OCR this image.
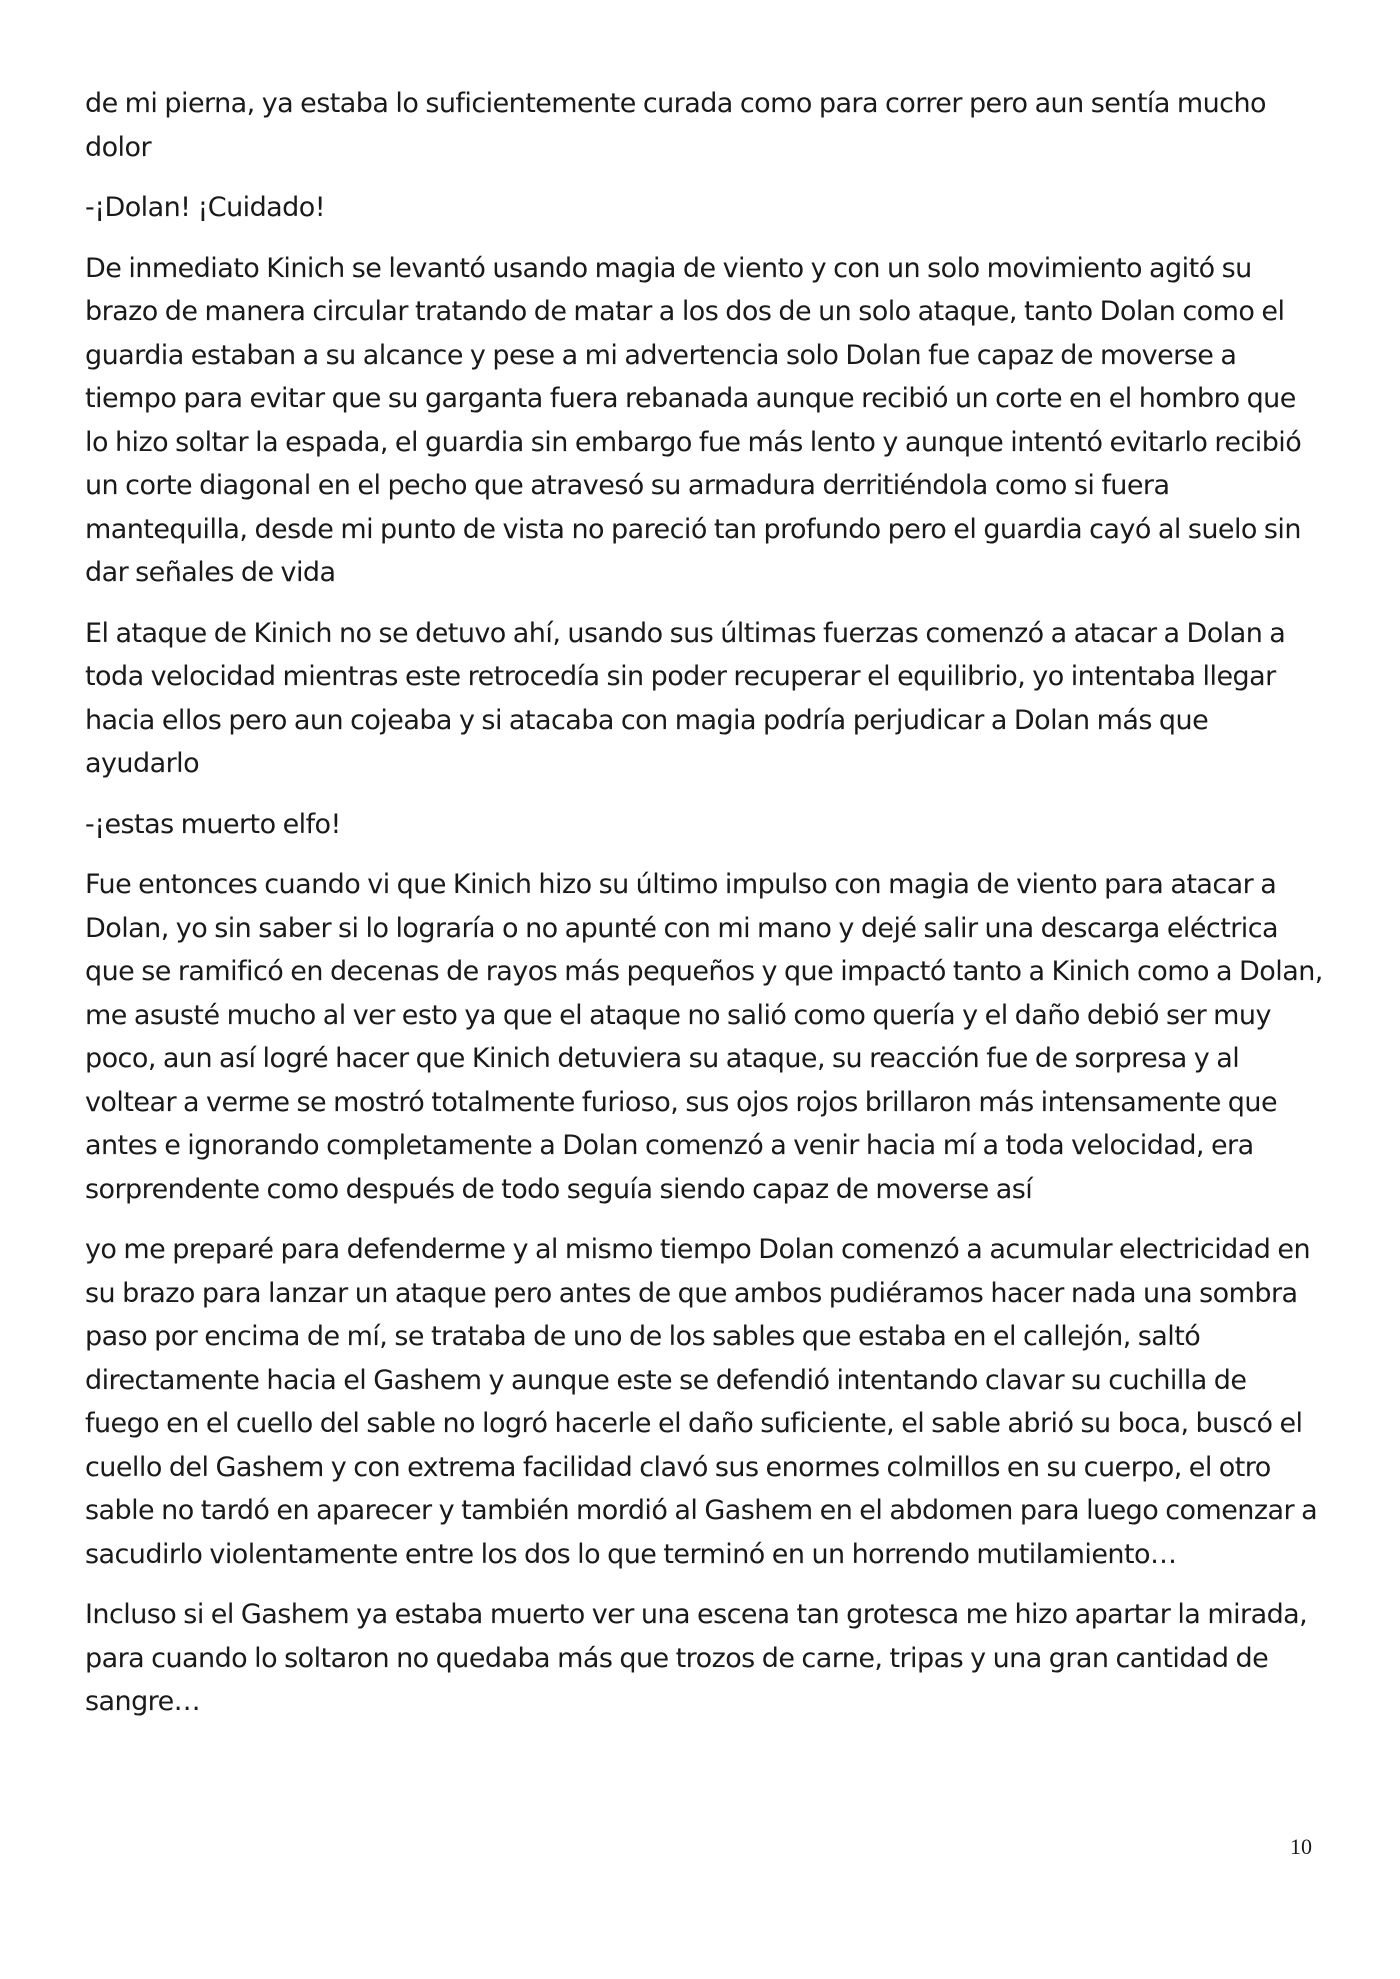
de mi pierna, ya estaba lo suficientemente curada como para correr pero aun sentía mucho dolor

-¡Dolan! ¡Cuidado!

De inmediato Kinich se levantó usando magia de viento y con un solo movimiento agitó su brazo de manera circular tratando de matar a los dos de un solo ataque, tanto Dolan como el guardia estaban a su alcance y pese a mi advertencia solo Dolan fue capaz de moverse a tiempo para evitar que su garganta fuera rebanada aunque recibió un corte en el hombro que lo hizo soltar la espada, el guardia sin embargo fue más lento y aunque intentó evitarlo recibió un corte diagonal en el pecho que atravesó su armadura derritiéndola como si fuera mantequilla, desde mi punto de vista no pareció tan profundo pero el guardia cayó al suelo sin dar señales de vida

El ataque de Kinich no se detuvo ahí, usando sus últimas fuerzas comenzó a atacar a Dolan a toda velocidad mientras este retrocedía sin poder recuperar el equilibrio, yo intentaba llegar hacia ellos pero aun cojeaba y si atacaba con magia podría perjudicar a Dolan más que ayudarlo

-¡estas muerto elfo!

Fue entonces cuando vi que Kinich hizo su último impulso con magia de viento para atacar a Dolan, yo sin saber si lo lograría o no apunté con mi mano y dejé salir una descarga eléctrica que se ramificó en decenas de rayos más pequeños y que impactó tanto a Kinich como a Dolan, me asusté mucho al ver esto ya que el ataque no salió como quería y el daño debió ser muy poco, aun así logré hacer que Kinich detuviera su ataque, su reacción fue de sorpresa y al voltear a verme se mostró totalmente furioso, sus ojos rojos brillaron más intensamente que antes e ignorando completamente a Dolan comenzó a venir hacia mí a toda velocidad, era sorprendente como después de todo seguía siendo capaz de moverse así

yo me preparé para defenderme y al mismo tiempo Dolan comenzó a acumular electricidad en su brazo para lanzar un ataque pero antes de que ambos pudiéramos hacer nada una sombra paso por encima de mí, se trataba de uno de los sables que estaba en el callejón, saltó directamente hacia el Gashem y aunque este se defendió intentando clavar su cuchilla de fuego en el cuello del sable no logró hacerle el daño suficiente, el sable abrió su boca, buscó el cuello del Gashem y con extrema facilidad clavó sus enormes colmillos en su cuerpo, el otro sable no tardó en aparecer y también mordió al Gashem en el abdomen para luego comenzar a sacudirlo violentamente entre los dos lo que terminó en un horrendo mutilamiento…

Incluso si el Gashem ya estaba muerto ver una escena tan grotesca me hizo apartar la mirada, para cuando lo soltaron no quedaba más que trozos de carne, tripas y una gran cantidad de sangre…

10
